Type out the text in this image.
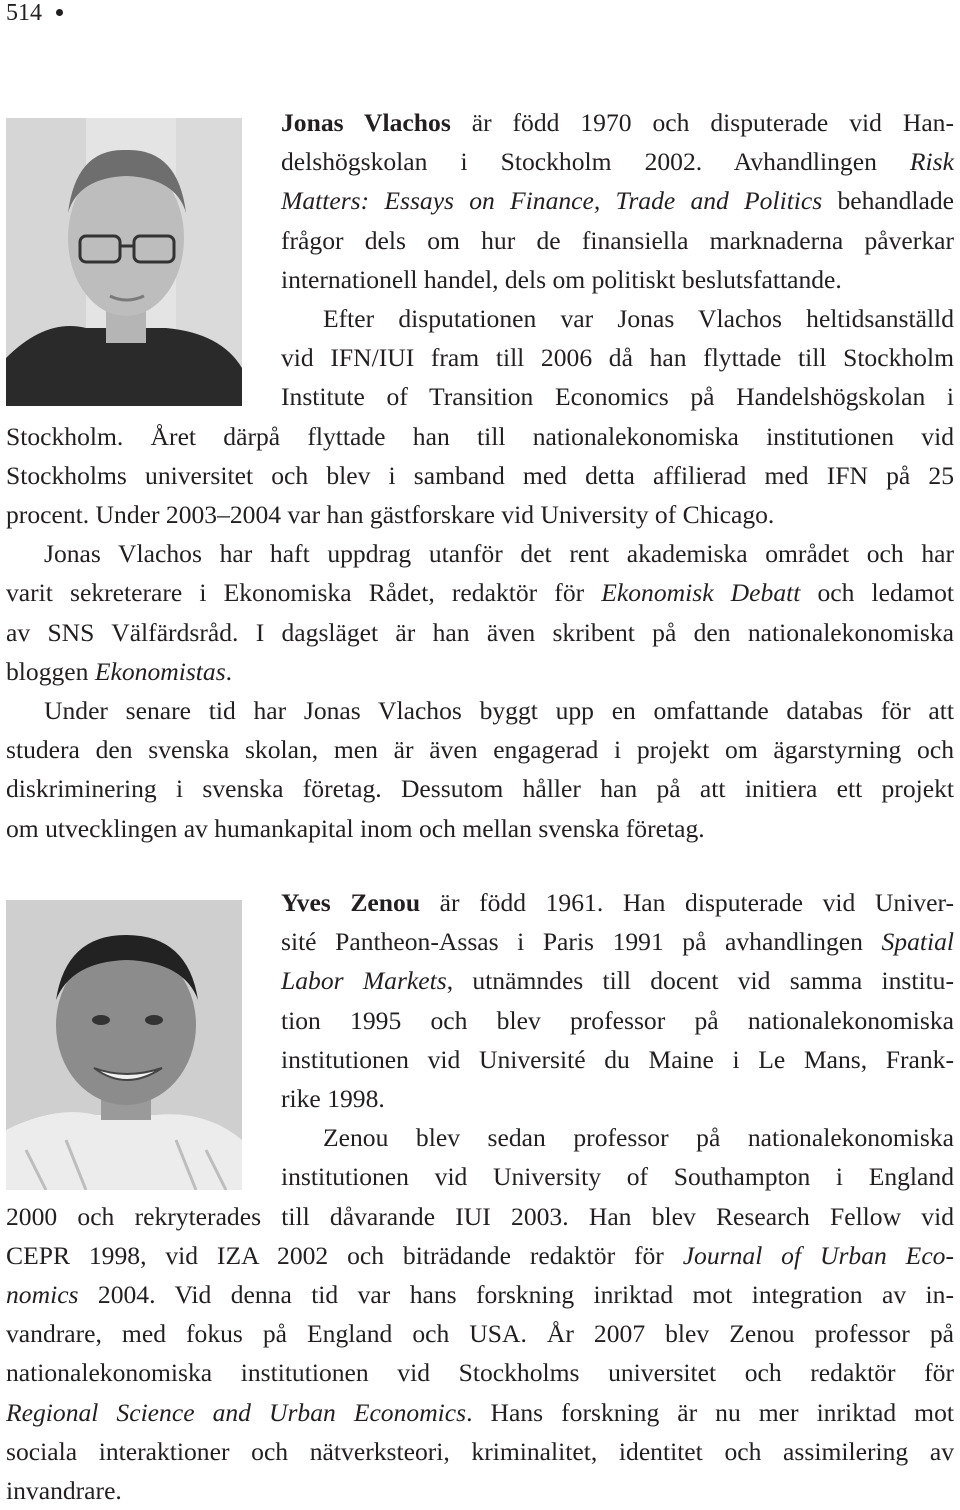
514
Jonas Vlachos är född 1970 och disputerade vid Han-
delshögskolan i Stockholm 2002. Avhandlingen Risk
Matters: Essays on Finance, Trade and Politics behandlade
frågor dels om hur de finansiella marknaderna påverkar
internationell handel, dels om politiskt beslutsfattande.
Efter disputationen var Jonas Vlachos heltidsanställd
vid IFN/IUI fram till 2006 då han flyttade till Stockholm
Institute of Transition Economics på Handelshögskolan i
Stockholm. Året därpå flyttade han till nationalekonomiska institutionen vid
Stockholms universitet och blev i samband med detta affilierad med IFN på 25
procent. Under 2003–2004 var han gästforskare vid University of Chicago.
Jonas Vlachos har haft uppdrag utanför det rent akademiska området och har
varit sekreterare i Ekonomiska Rådet, redaktör för Ekonomisk Debatt och ledamot
av SNS Välfärdsråd. I dagsläget är han även skribent på den nationalekonomiska
bloggen Ekonomistas.
Under senare tid har Jonas Vlachos byggt upp en omfattande databas för att
studera den svenska skolan, men är även engagerad i projekt om ägarstyrning och
diskriminering i svenska företag. Dessutom håller han på att initiera ett projekt
om utvecklingen av humankapital inom och mellan svenska företag.
Yves Zenou är född 1961. Han disputerade vid Univer-
sité Pantheon-Assas i Paris 1991 på avhandlingen Spatial
Labor Markets, utnämndes till docent vid samma institu-
tion 1995 och blev professor på nationalekonomiska
institutionen vid Université du Maine i Le Mans, Frank-
rike 1998.
Zenou blev sedan professor på nationalekonomiska
institutionen vid University of Southampton i England
2000 och rekryterades till dåvarande IUI 2003. Han blev Research Fellow vid
CEPR 1998, vid IZA 2002 och biträdande redaktör för Journal of Urban Eco-
nomics 2004. Vid denna tid var hans forskning inriktad mot integration av in-
vandrare, med fokus på England och USA. År 2007 blev Zenou professor på
nationalekonomiska institutionen vid Stockholms universitet och redaktör för
Regional Science and Urban Economics. Hans forskning är nu mer inriktad mot
sociala interaktioner och nätverksteori, kriminalitet, identitet och assimilering av
invandrare.
